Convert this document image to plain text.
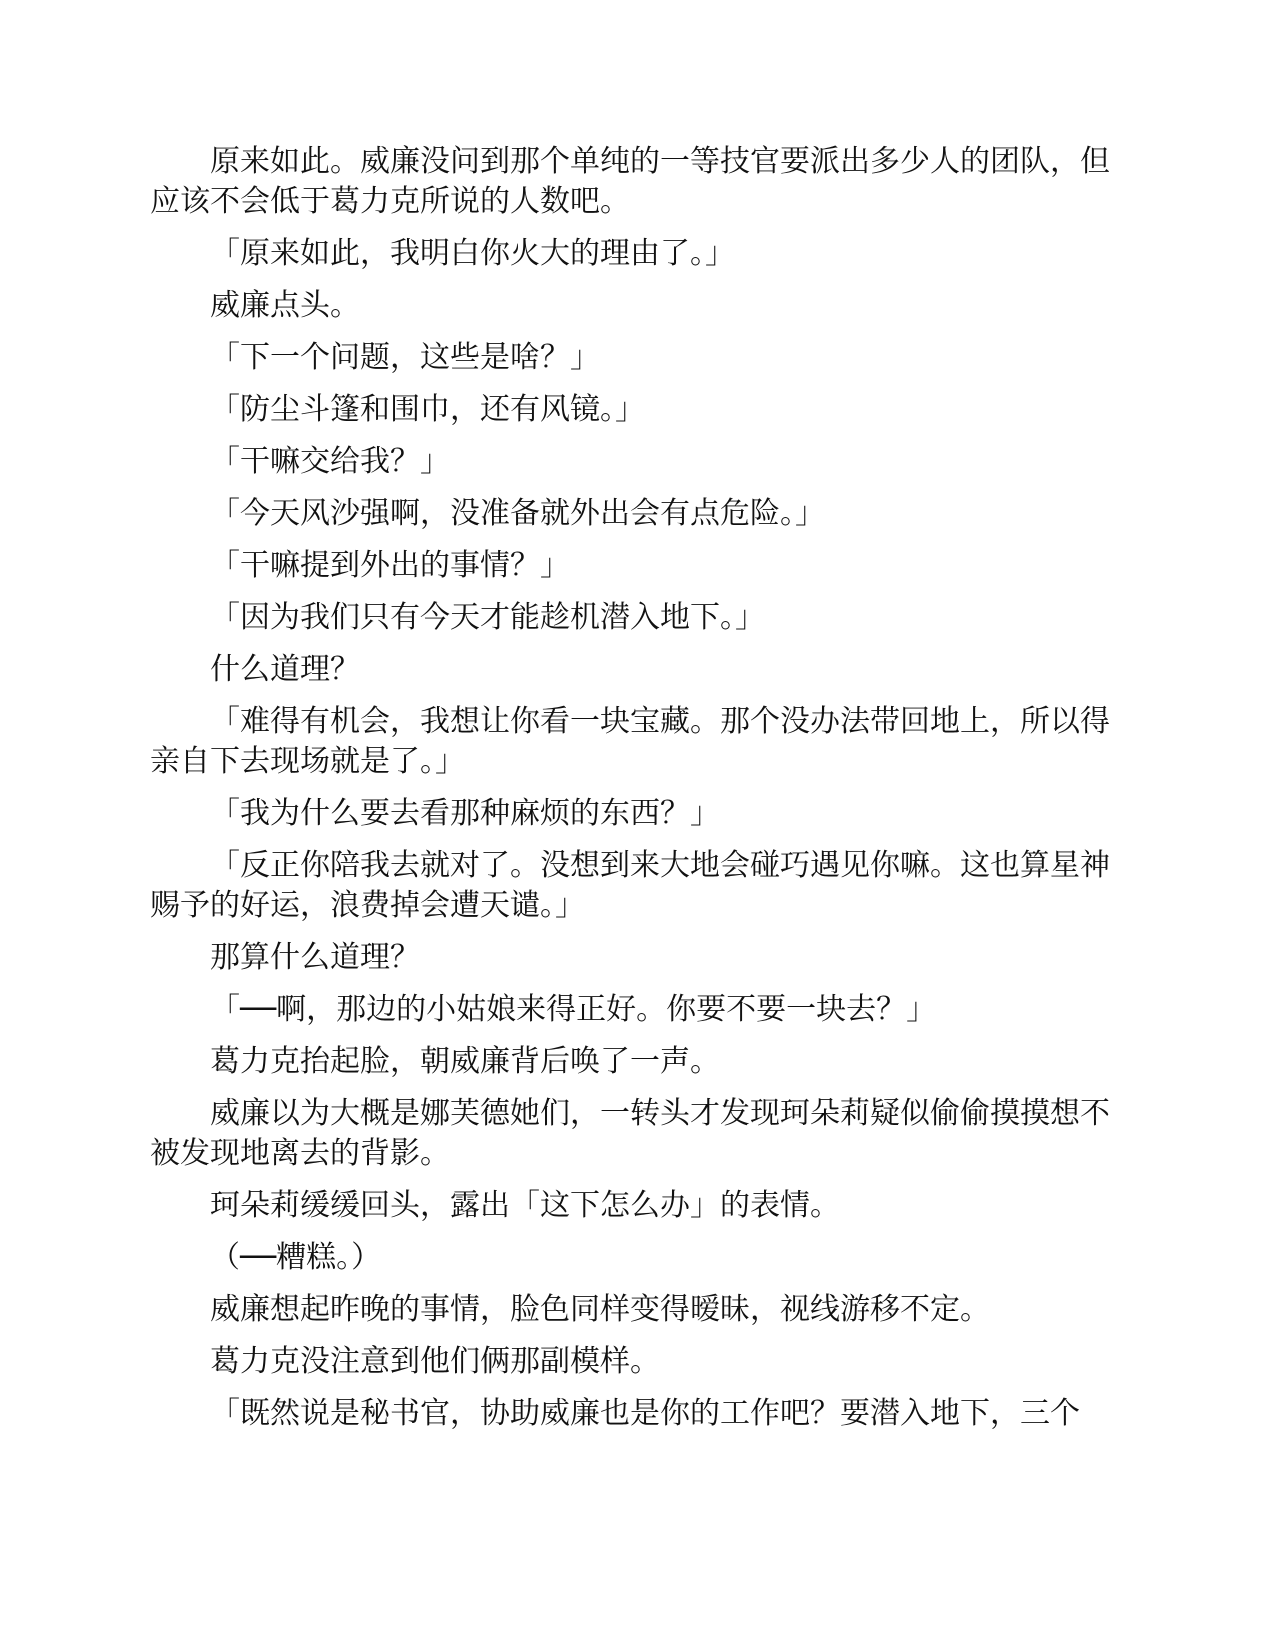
原来如此。威廉没问到那个单纯的一等技官要派出多少人的团队，但应该不会低于葛力克所说的人数吧。

「原来如此，我明白你火大的理由了。」

威廉点头。

「下一个问题，这些是啥？」

「防尘斗篷和围巾，还有风镜。」

「干嘛交给我？」

「今天风沙强啊，没准备就外出会有点危险。」

「干嘛提到外出的事情？」

「因为我们只有今天才能趁机潜入地下。」

什么道理？

「难得有机会，我想让你看一块宝藏。那个没办法带回地上，所以得亲自下去现场就是了。」

「我为什么要去看那种麻烦的东西？」

「反正你陪我去就对了。没想到来大地会碰巧遇见你嘛。这也算星神赐予的好运，浪费掉会遭天谴。」

那算什么道理？

「──啊，那边的小姑娘来得正好。你要不要一块去？」

葛力克抬起脸，朝威廉背后唤了一声。

威廉以为大概是娜芙德她们，一转头才发现珂朵莉疑似偷偷摸摸想不被发现地离去的背影。

珂朵莉缓缓回头，露出「这下怎么办」的表情。

（──糟糕。）

威廉想起昨晚的事情，脸色同样变得暧昧，视线游移不定。

葛力克没注意到他们俩那副模样。

「既然说是秘书官，协助威廉也是你的工作吧？要潜入地下，三个
